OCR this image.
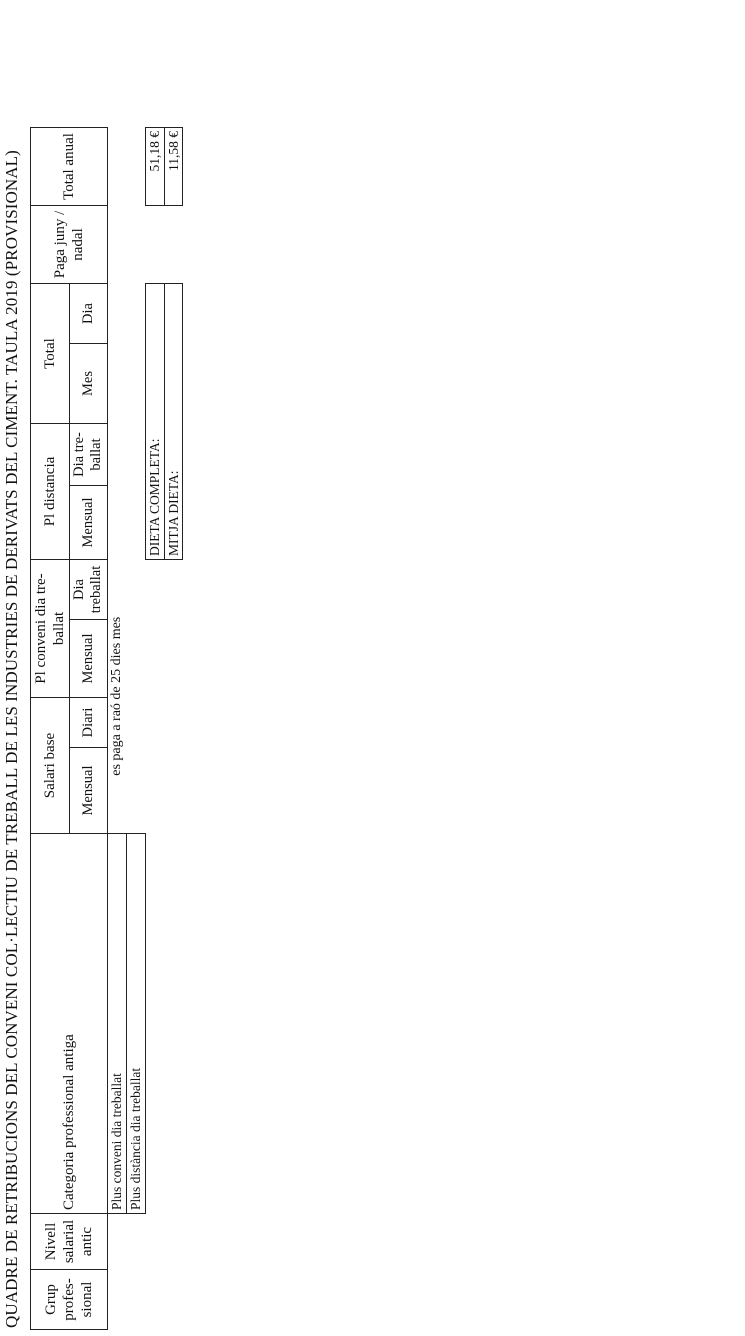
QUADRE DE RETRIBUCIONS DEL CONVENI COL·LECTIU DE TREBALL DE LES INDUSTRIES DE DERIVATS DEL CIMENT. TAULA 2019 (PROVISIONAL) Grup profes-sional	Nivell salarial antic	Categoria professional antiga	Salari base		Pl conveni dia tre-ballat		Pl distancia		Total		Paga juny / nadal	Total anual
			Mensual	Diari	Mensual	Dia treballat	Mensual	Dia tre-ballat	Mes	Dia		
		Plus conveni dia treballat	es paga a raó de 25 dies mes									
		Plus distància dia treballat										
							DIETA COMPLETA:					51,18 €
							MITJA DIETA:					11,58 €
